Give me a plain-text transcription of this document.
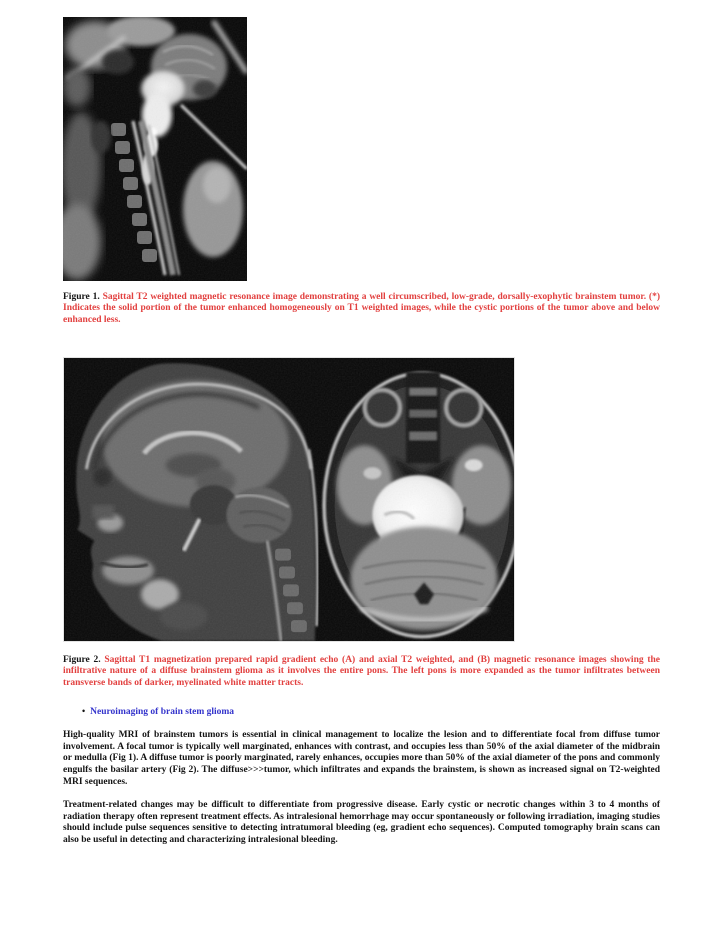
Figure 1. Sagittal T2 weighted magnetic resonance image demonstrating a well circumscribed, low-grade, dorsally-exophytic brainstem tumor. (*) Indicates the solid portion of the tumor enhanced homogeneously on T1 weighted images, while the cystic portions of the tumor above and below enhanced less.

Figure 2. Sagittal T1 magnetization prepared rapid gradient echo (A) and axial T2 weighted, and (B) magnetic resonance images showing the infiltrative nature of a diffuse brainstem glioma as it involves the entire pons. The left pons is more expanded as the tumor infiltrates between transverse bands of darker, myelinated white matter tracts.

• Neuroimaging of brain stem glioma

High-quality MRI of brainstem tumors is essential in clinical management to localize the lesion and to differentiate focal from diffuse tumor involvement. A focal tumor is typically well marginated, enhances with contrast, and occupies less than 50% of the axial diameter of the midbrain or medulla (Fig 1). A diffuse tumor is poorly marginated, rarely enhances, occupies more than 50% of the axial diameter of the pons and commonly engulfs the basilar artery (Fig 2). The diffuse>>>tumor, which infiltrates and expands the brainstem, is shown as increased signal on T2-weighted MRI sequences.

Treatment-related changes may be difficult to differentiate from progressive disease. Early cystic or necrotic changes within 3 to 4 months of radiation therapy often represent treatment effects. As intralesional hemorrhage may occur spontaneously or following irradiation, imaging studies should include pulse sequences sensitive to detecting intratumoral bleeding (eg, gradient echo sequences). Computed tomography brain scans can also be useful in detecting and characterizing intralesional bleeding.
